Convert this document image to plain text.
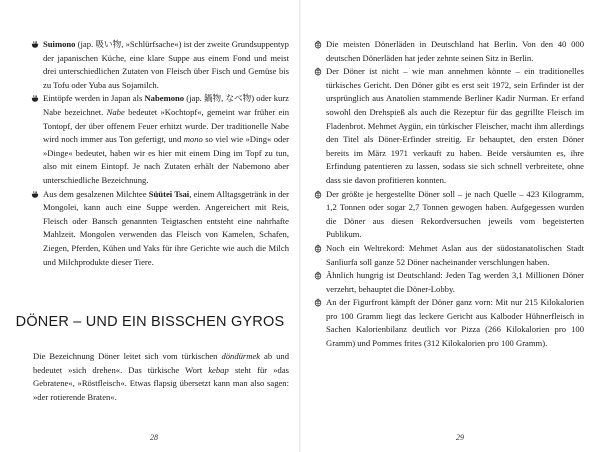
Suimono (jap. 吸い物, »Schlürfsache«) ist der zweite Grundsuppentyp der japanischen Küche, eine klare Suppe aus einem Fond und meist drei unterschiedlichen Zutaten von Fleisch über Fisch und Gemüse bis zu Tofu oder Yuba aus Sojamilch.

Eintöpfe werden in Japan als Nabemono (jap. 鍋物, なべ物) oder kurz Nabe bezeichnet. Nabe bedeutet »Kochtopf«, gemeint war früher ein Tontopf, der über offenem Feuer erhitzt wurde. Der traditionelle Nabe wird noch immer aus Ton gefertigt, und mono so viel wie »Ding« oder »Dinge« bedeutet, haben wir es hier mit einem Ding im Topf zu tun, also mit einem Eintopf. Je nach Zutaten erhält der Nabemono aber unterschiedliche Bezeichnung.

Aus dem gesalzenen Milchtee Süütei Tsai, einem Alltagsgetränk in der Mongolei, kann auch eine Suppe werden. Angereichert mit Reis, Fleisch oder Bansch genannten Teigtaschen entsteht eine nahrhafte Mahlzeit. Mongolen verwenden das Fleisch von Kamelen, Schafen, Ziegen, Pferden, Kühen und Yaks für ihre Gerichte wie auch die Milch und Milchprodukte dieser Tiere.

DÖNER – UND EIN BISSCHEN GYROS
Die Bezeichnung Döner leitet sich vom türkischen döndürmek ab und bedeutet »sich drehen«. Das türkische Wort kebap steht für »das Gebratene«, »Röstfleisch«. Etwas flapsig übersetzt kann man also sagen: »der rotierende Braten«.
28

Die meisten Dönerläden in Deutschland hat Berlin. Von den 40 000 deutschen Dönerläden hat jeder zehnte seinen Sitz in Berlin.

Der Döner ist nicht – wie man annehmen könnte – ein traditionelles türkisches Gericht. Den Döner gibt es erst seit 1972, sein Erfinder ist der ursprünglich aus Anatolien stammende Berliner Kadir Nurman. Er erfand sowohl den Drehspieß als auch die Rezeptur für das gegrillte Fleisch im Fladenbrot. Mehmet Aygün, ein türkischer Fleischer, macht ihm allerdings den Titel als Döner-Erfinder streitig. Er behauptet, den ersten Döner bereits im März 1971 verkauft zu haben. Beide versäumten es, ihre Erfindung patentieren zu lassen, sodass sie sich schnell verbreitete, ohne dass sie davon profitieren konnten.

Der größte je hergestellte Döner soll – je nach Quelle – 423 Kilogramm, 1,2 Tonnen oder sogar 2,7 Tonnen gewogen haben. Aufgegessen wurden die Döner aus diesen Rekordversuchen jeweils vom begeisterten Publikum.

Noch ein Weltrekord: Mehmet Aslan aus der südostanatolischen Stadt Sanliurfa soll ganze 52 Döner nacheinander verschlungen haben.

Ähnlich hungrig ist Deutschland: Jeden Tag werden 3,1 Millionen Döner verzehrt, behauptet die Döner-Lobby.

An der Figurfront kämpft der Döner ganz vorn: Mit nur 215 Kilokalorien pro 100 Gramm liegt das leckere Gericht aus Kalboder Hühnerfleisch in Sachen Kalorienbilanz deutlich vor Pizza (266 Kilokalorien pro 100 Gramm) und Pommes frites (312 Kilokalorien pro 100 Gramm).

29
